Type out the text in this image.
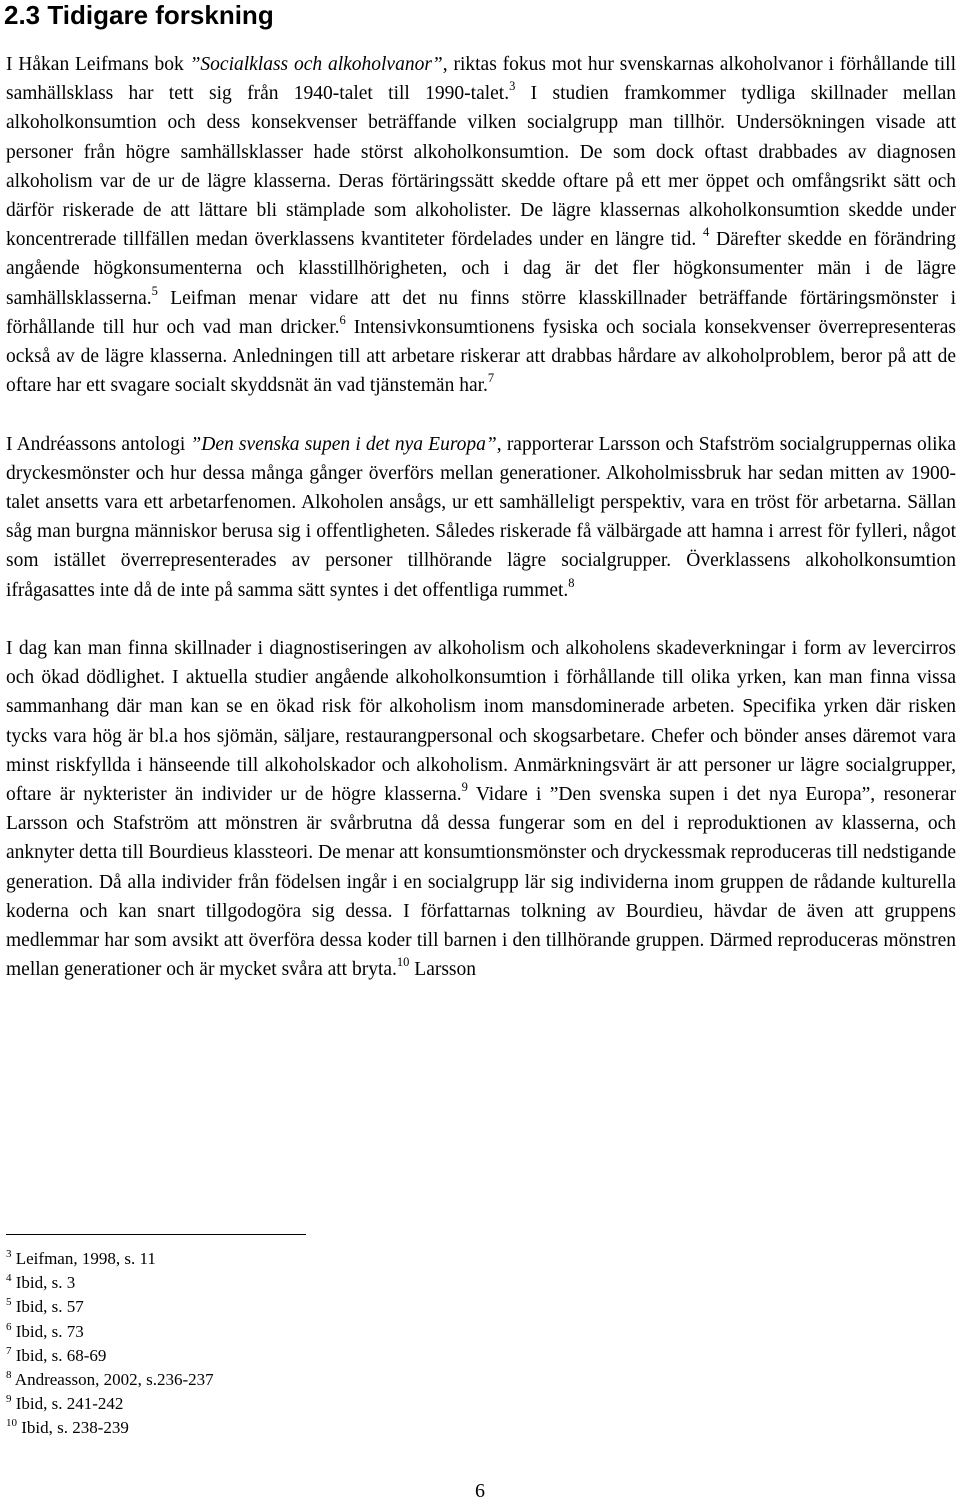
2.3 Tidigare forskning

I Håkan Leifmans bok ”Socialklass och alkoholvanor”, riktas fokus mot hur svenskarnas alkoholvanor i förhållande till samhällsklass har tett sig från 1940-talet till 1990-talet.$^3$ I studien framkommer tydliga skillnader mellan alkoholkonsumtion och dess konsekvenser beträffande vilken socialgrupp man tillhör. Undersökningen visade att personer från högre samhällsklasser hade störst alkoholkonsumtion. De som dock oftast drabbades av diagnosen alkoholism var de ur de lägre klasserna. Deras förtäringssätt skedde oftare på ett mer öppet och omfångsrikt sätt och därför riskerade de att lättare bli stämplade som alkoholister. De lägre klassernas alkoholkonsumtion skedde under koncentrerade tillfällen medan överklassens kvantiteter fördelades under en längre tid. $^4$ Därefter skedde en förändring angående högkonsumenterna och klasstillhörigheten, och i dag är det fler högkonsumenter män i de lägre samhällsklasserna.$^5$ Leifman menar vidare att det nu finns större klasskillnader beträffande förtäringsmönster i förhållande till hur och vad man dricker.$^6$ Intensivkonsumtionens fysiska och sociala konsekvenser överrepresenteras också av de lägre klasserna. Anledningen till att arbetare riskerar att drabbas hårdare av alkoholproblem, beror på att de oftare har ett svagare socialt skyddsnät än vad tjänstemän har.$^7$

I Andréassons antologi ”Den svenska supen i det nya Europa”, rapporterar Larsson och Stafström socialgruppernas olika dryckesmönster och hur dessa många gånger överförs mellan generationer. Alkoholmissbruk har sedan mitten av 1900-talet ansetts vara ett arbetarfenomen. Alkoholen ansågs, ur ett samhälleligt perspektiv, vara en tröst för arbetarna. Sällan såg man burgna människor berusa sig i offentligheten. Således riskerade få välbärgade att hamna i arrest för fylleri, något som istället överrepresenterades av personer tillhörande lägre socialgrupper. Överklassens alkoholkonsumtion ifrågasattes inte då de inte på samma sätt syntes i det offentliga rummet.$^8$

I dag kan man finna skillnader i diagnostiseringen av alkoholism och alkoholens skadeverkningar i form av levercirros och ökad dödlighet. I aktuella studier angående alkoholkonsumtion i förhållande till olika yrken, kan man finna vissa sammanhang där man kan se en ökad risk för alkoholism inom mansdominerade arbeten. Specifika yrken där risken tycks vara hög är bl.a hos sjömän, säljare, restaurangpersonal och skogsarbetare. Chefer och bönder anses däremot vara minst riskfyllda i hänseende till alkoholskador och alkoholism. Anmärkningsvärt är att personer ur lägre socialgrupper, oftare är nykterister än individer ur de högre klasserna.$^9$ Vidare i ”Den svenska supen i det nya Europa”, resonerar Larsson och Stafström att mönstren är svårbrutna då dessa fungerar som en del i reproduktionen av klasserna, och anknyter detta till Bourdieus klassteori. De menar att konsumtionsmönster och dryckessmak reproduceras till nedstigande generation. Då alla individer från födelsen ingår i en socialgrupp lär sig individerna inom gruppen de rådande kulturella koderna och kan snart tillgodogöra sig dessa. I författarnas tolkning av Bourdieu, hävdar de även att gruppens medlemmar har som avsikt att överföra dessa koder till barnen i den tillhörande gruppen. Därmed reproduceras mönstren mellan generationer och är mycket svåra att bryta.$^{10}$ Larsson

$^3$ Leifman, 1998, s. 11
$^4$ Ibid, s. 3
$^5$ Ibid, s. 57
$^6$ Ibid, s. 73
$^7$ Ibid, s. 68-69
$^8$ Andreasson, 2002, s.236-237
$^9$ Ibid, s. 241-242
$^{10}$ Ibid, s. 238-239
6
